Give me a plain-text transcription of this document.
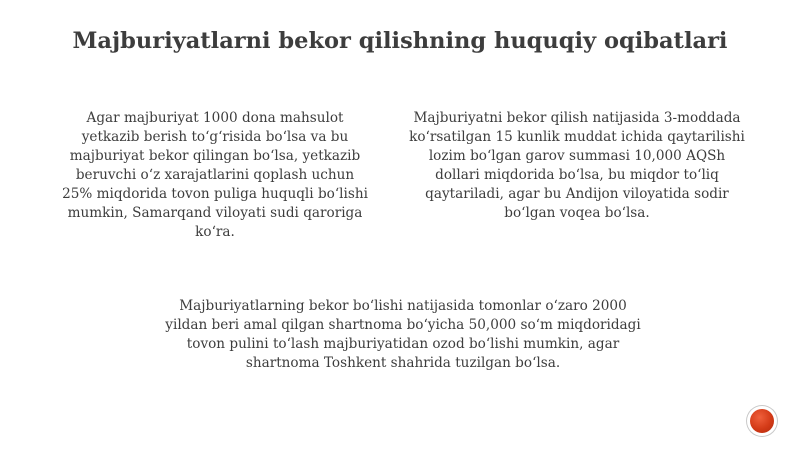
Majburiyatlarni bekor qilishning huquqiy oqibatlari
Agar majburiyat 1000 dona mahsulot
yetkazib berish to‘g‘risida bo‘lsa va bu
majburiyat bekor qilingan bo‘lsa, yetkazib
beruvchi o‘z xarajatlarini qoplash uchun
25% miqdorida tovon puliga huquqli bo‘lishi
mumkin, Samarqand viloyati sudi qaroriga
ko‘ra.
Majburiyatni bekor qilish natijasida 3-moddada
ko‘rsatilgan 15 kunlik muddat ichida qaytarilishi
lozim bo‘lgan garov summasi 10,000 AQSh
dollari miqdorida bo‘lsa, bu miqdor to‘liq
qaytariladi, agar bu Andijon viloyatida sodir
bo‘lgan voqea bo‘lsa.
Majburiyatlarning bekor bo‘lishi natijasida tomonlar o‘zaro 2000
yildan beri amal qilgan shartnoma bo‘yicha 50,000 so‘m miqdoridagi
tovon pulini to‘lash majburiyatidan ozod bo‘lishi mumkin, agar
shartnoma Toshkent shahrida tuzilgan bo‘lsa.
